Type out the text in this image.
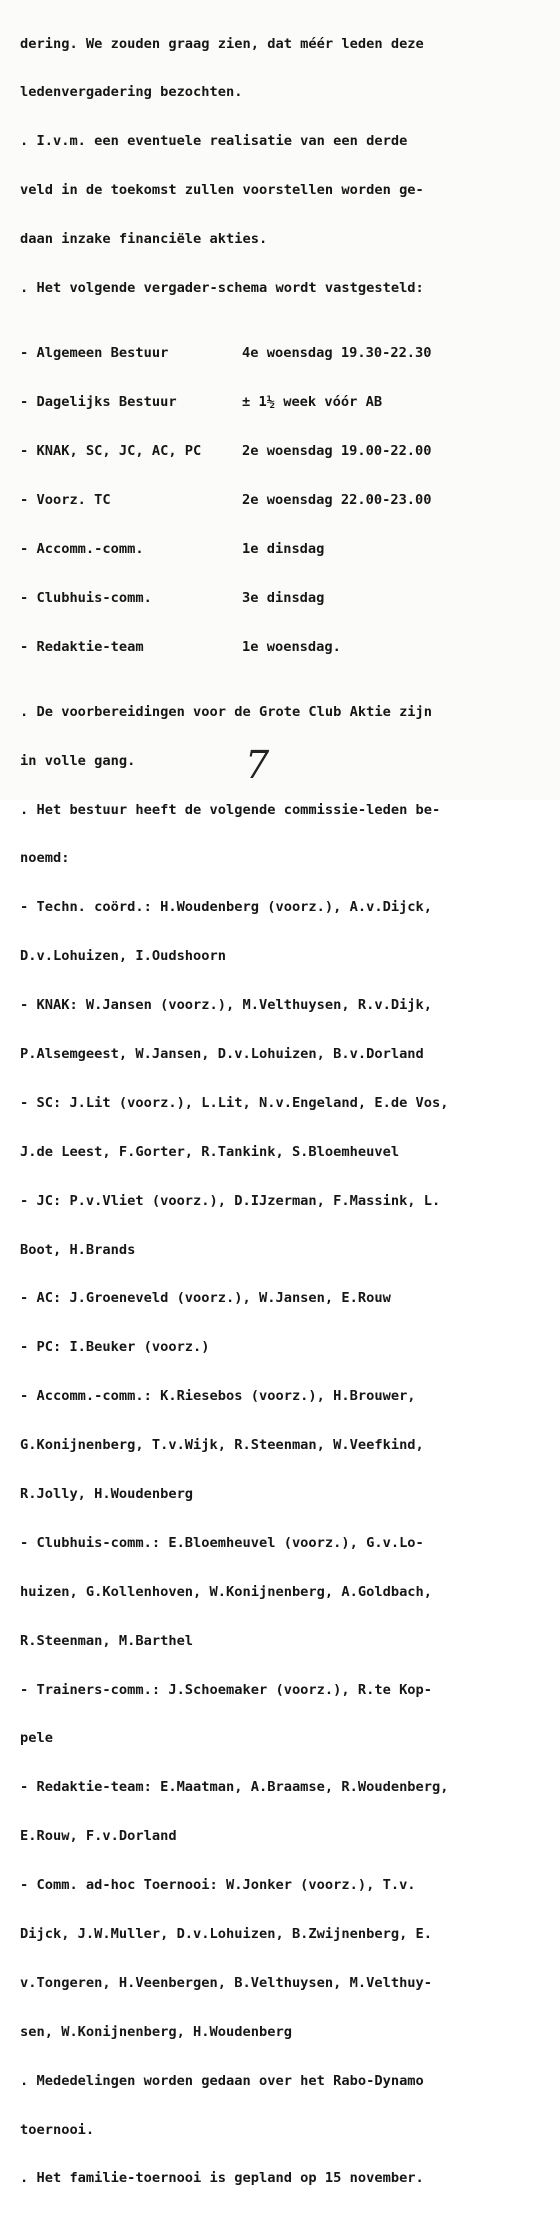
dering. We zouden graag zien, dat méér leden deze

ledenvergadering bezochten.

. I.v.m. een eventuele realisatie van een derde

veld in de toekomst zullen voorstellen worden ge-

daan inzake financiële akties.

. Het volgende vergader-schema wordt vastgesteld:

- Algemeen Bestuur	4e woensdag 19.30-22.30

- Dagelijks Bestuur	± 1½ week vóór AB

- KNAK, SC, JC, AC, PC	2e woensdag 19.00-22.00

- Voorz. TC	2e woensdag 22.00-23.00

- Accomm.-comm.	1e dinsdag

- Clubhuis-comm.	3e dinsdag

- Redaktie-team	1e woensdag.

. De voorbereidingen voor de Grote Club Aktie zijn

in volle gang.

. Het bestuur heeft de volgende commissie-leden be-

noemd:

- Techn. coörd.: H.Woudenberg (voorz.), A.v.Dijck,

D.v.Lohuizen, I.Oudshoorn

- KNAK: W.Jansen (voorz.), M.Velthuysen, R.v.Dijk,

P.Alsemgeest, W.Jansen, D.v.Lohuizen, B.v.Dorland

- SC: J.Lit (voorz.), L.Lit, N.v.Engeland, E.de Vos,

J.de Leest, F.Gorter, R.Tankink, S.Bloemheuvel

- JC: P.v.Vliet (voorz.), D.IJzerman, F.Massink, L.

Boot, H.Brands

- AC: J.Groeneveld (voorz.), W.Jansen, E.Rouw

- PC: I.Beuker (voorz.)

- Accomm.-comm.: K.Riesebos (voorz.), H.Brouwer,

G.Konijnenberg, T.v.Wijk, R.Steenman, W.Veefkind,

R.Jolly, H.Woudenberg

- Clubhuis-comm.: E.Bloemheuvel (voorz.), G.v.Lo-

huizen, G.Kollenhoven, W.Konijnenberg, A.Goldbach,

R.Steenman, M.Barthel

- Trainers-comm.: J.Schoemaker (voorz.), R.te Kop-

pele

- Redaktie-team: E.Maatman, A.Braamse, R.Woudenberg,

E.Rouw, F.v.Dorland

- Comm. ad-hoc Toernooi: W.Jonker (voorz.), T.v.

Dijck, J.W.Muller, D.v.Lohuizen, B.Zwijnenberg, E.

v.Tongeren, H.Veenbergen, B.Velthuysen, M.Velthuy-

sen, W.Konijnenberg, H.Woudenberg

. Mededelingen worden gedaan over het Rabo-Dynamo

toernooi.

. Het familie-toernooi is gepland op 15 november.

7
